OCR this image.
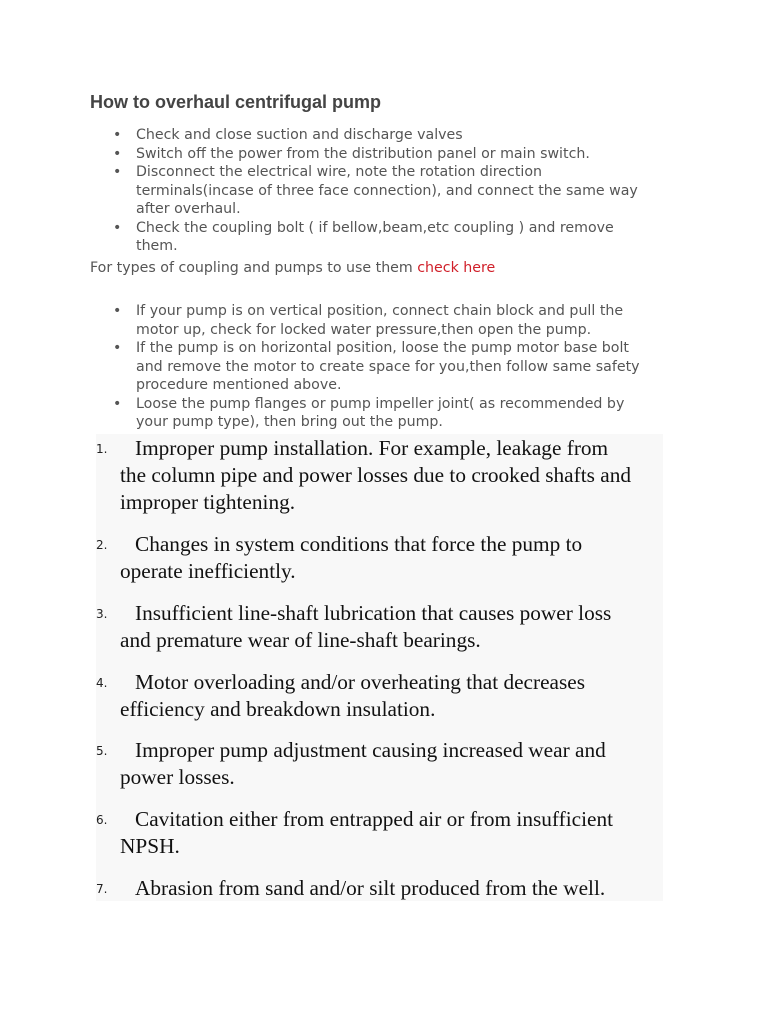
How to overhaul centrifugal pump
• Check and close suction and discharge valves
• Switch off the power from the distribution panel or main switch.
• Disconnect the electrical wire, note the rotation direction
terminals(incase of three face connection), and connect the same way
after overhaul.
• Check the coupling bolt ( if bellow,beam,etc coupling ) and remove
them.

For types of coupling and pumps to use them check here

• If your pump is on vertical position, connect chain block and pull the
motor up, check for locked water pressure,then open the pump.
• If the pump is on horizontal position, loose the pump motor base bolt
and remove the motor to create space for you,then follow same safety
procedure mentioned above.
• Loose the pump flanges or pump impeller joint( as recommended by
your pump type), then bring out the pump.
1.	Improper pump installation. For example, leakage from
the column pipe and power losses due to crooked shafts and
improper tightening.
2.	Changes in system conditions that force the pump to
operate inefficiently.
3.	Insufficient line-shaft lubrication that causes power loss
and premature wear of line-shaft bearings.
4.	Motor overloading and/or overheating that decreases
efficiency and breakdown insulation.
5.	Improper pump adjustment causing increased wear and
power losses.
6.	Cavitation either from entrapped air or from insufficient
NPSH.
7.	Abrasion from sand and/or silt produced from the well.
